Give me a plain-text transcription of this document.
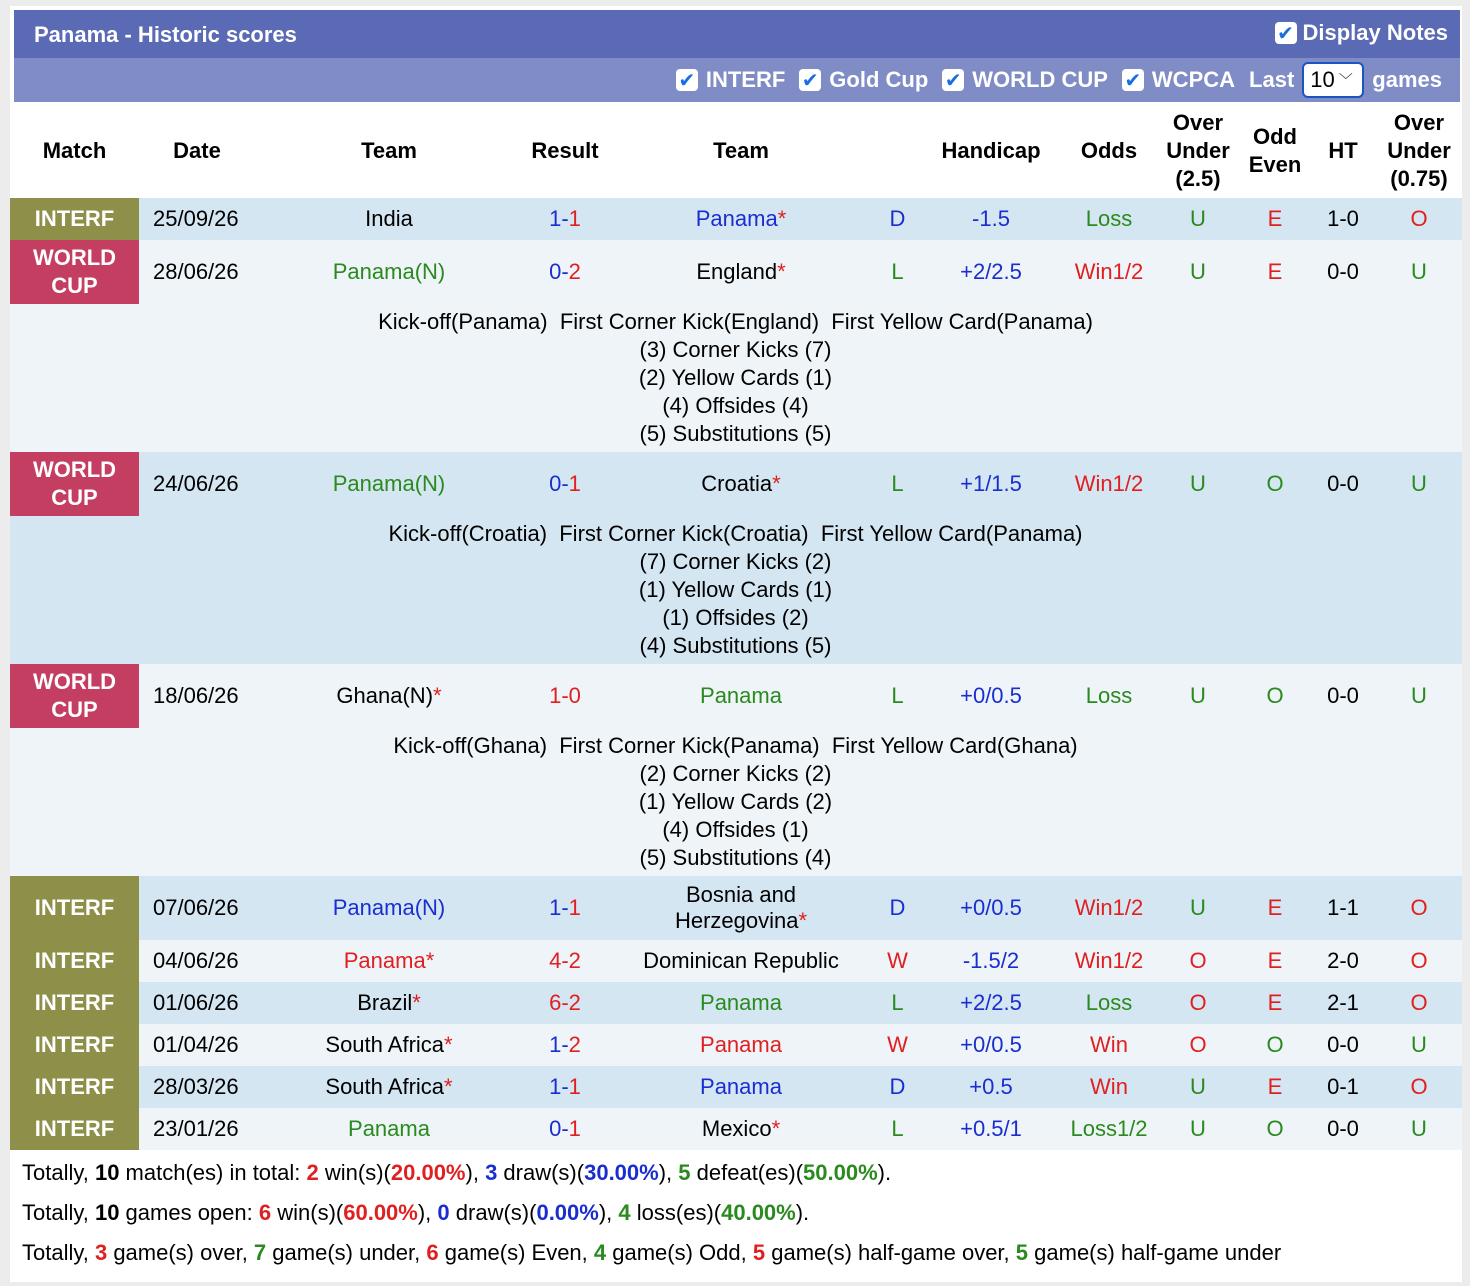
Panama - Historic scores	✔ Display Notes
✔ INTERF ✔ Gold Cup ✔ WORLD CUP ✔ WCPCA Last 10 ﹀ games
Match	Date	Team	Result	Team		Handicap	Odds	Over Under (2.5)	Odd Even	HT	Over Under (0.75)
INTERF	25/09/26	India	1-1	Panama*	D	-1.5	Loss	U	E	1-0	O
WORLD CUP	28/06/26	Panama(N)	0-2	England*	L	+2/2.5	Win1/2	U	E	0-0	U

	Kick-off(Panama)  First Corner Kick(England)  First Yellow Card(Panama)
(3) Corner Kicks (7)
(2) Yellow Cards (1)
(4) Offsides (4)
(5) Substitutions (5)										

WORLD CUP	24/06/26	Panama(N)	0-1	Croatia*	L	+1/1.5	Win1/2	U	O	0-0	U

	Kick-off(Croatia)  First Corner Kick(Croatia)  First Yellow Card(Panama)
(7) Corner Kicks (2)
(1) Yellow Cards (1)
(1) Offsides (2)
(4) Substitutions (5)										

WORLD CUP	18/06/26	Ghana(N)*	1-0	Panama	L	+0/0.5	Loss	U	O	0-0	U

	Kick-off(Ghana)  First Corner Kick(Panama)  First Yellow Card(Ghana)
(2) Corner Kicks (2)
(1) Yellow Cards (2)
(4) Offsides (1)
(5) Substitutions (4)										

INTERF	07/06/26	Panama(N)	1-1	Bosnia and Herzegovina*	D	+0/0.5	Win1/2	U	E	1-1	O
INTERF	04/06/26	Panama*	4-2	Dominican Republic	W	-1.5/2	Win1/2	O	E	2-0	O
INTERF	01/06/26	Brazil*	6-2	Panama	L	+2/2.5	Loss	O	E	2-1	O
INTERF	01/04/26	South Africa*	1-2	Panama	W	+0/0.5	Win	O	O	0-0	U
INTERF	28/03/26	South Africa*	1-1	Panama	D	+0.5	Win	U	E	0-1	O
INTERF	23/01/26	Panama	0-1	Mexico*	L	+0.5/1	Loss1/2	U	O	0-0	U
Totally, 10 match(es) in total: 2 win(s)(20.00%), 3 draw(s)(30.00%), 5 defeat(es)(50.00%).
Totally, 10 games open: 6 win(s)(60.00%), 0 draw(s)(0.00%), 4 loss(es)(40.00%).
Totally, 3 game(s) over, 7 game(s) under, 6 game(s) Even, 4 game(s) Odd, 5 game(s) half-game over, 5 game(s) half-game under
